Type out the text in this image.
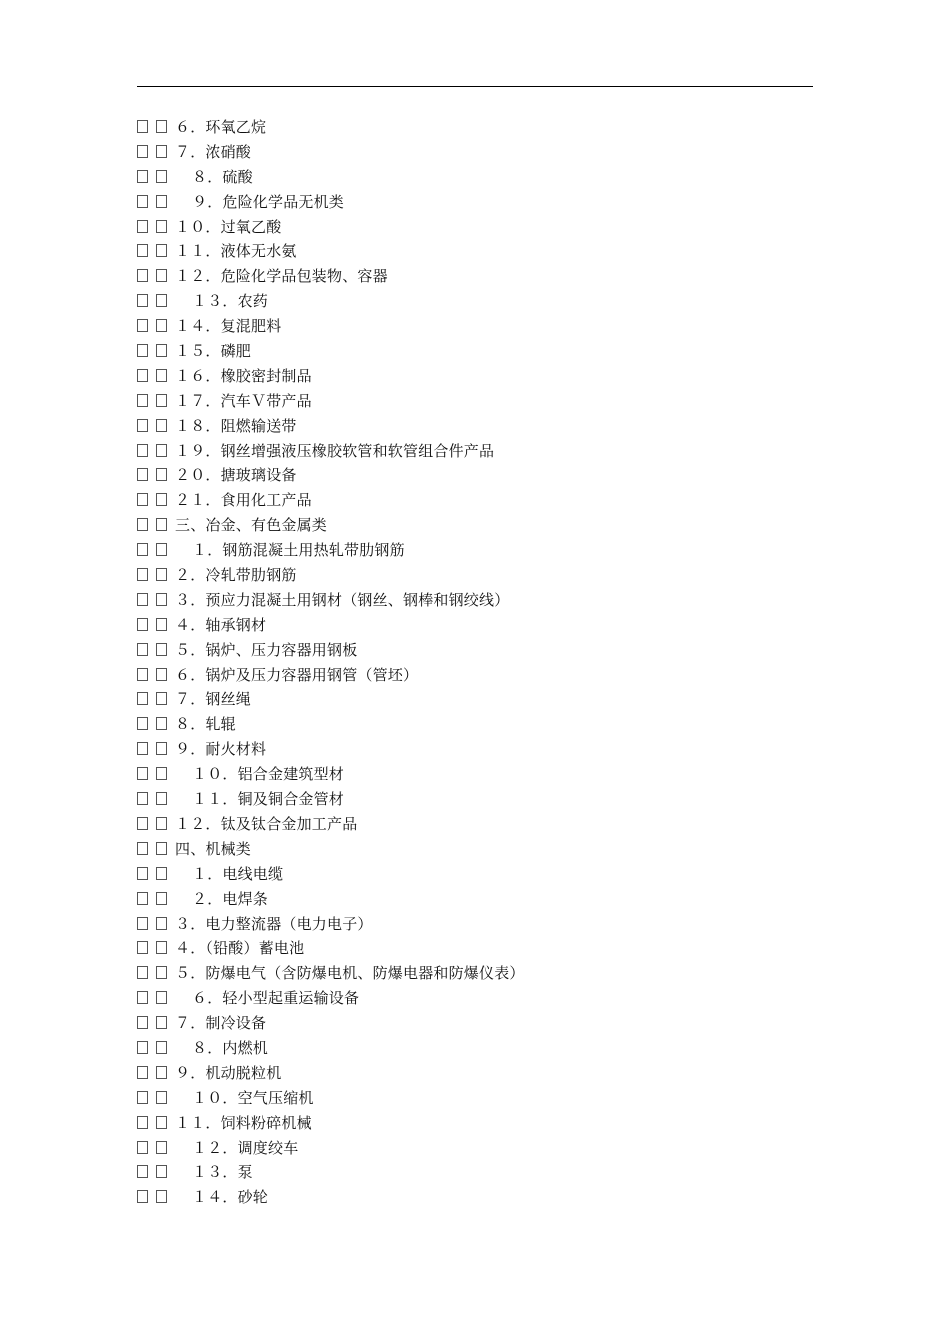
６．环氧乙烷
７．浓硝酸
８．硫酸
９．危险化学品无机类
１０．过氧乙酸
１１．液体无水氨
１２．危险化学品包装物、容器
１３．农药
１４．复混肥料
１５．磷肥
１６．橡胶密封制品
１７．汽车Ｖ带产品
１８．阻燃输送带
１９．钢丝增强液压橡胶软管和软管组合件产品
２０．搪玻璃设备
２１．食用化工产品
三、冶金、有色金属类
１．钢筋混凝土用热轧带肋钢筋
２．冷轧带肋钢筋
３．预应力混凝土用钢材（钢丝、钢棒和钢绞线）
４．轴承钢材
５．锅炉、压力容器用钢板
６．锅炉及压力容器用钢管（管坯）
７．钢丝绳
８．轧辊
９．耐火材料
１０．铝合金建筑型材
１１．铜及铜合金管材
１２．钛及钛合金加工产品
四、机械类
１．电线电缆
２．电焊条
３．电力整流器（电力电子）
４．（铅酸）蓄电池
５．防爆电气（含防爆电机、防爆电器和防爆仪表）
６．轻小型起重运输设备
７．制冷设备
８．内燃机
９．机动脱粒机
１０．空气压缩机
１１．饲料粉碎机械
１２．调度绞车
１３．泵
１４．砂轮
